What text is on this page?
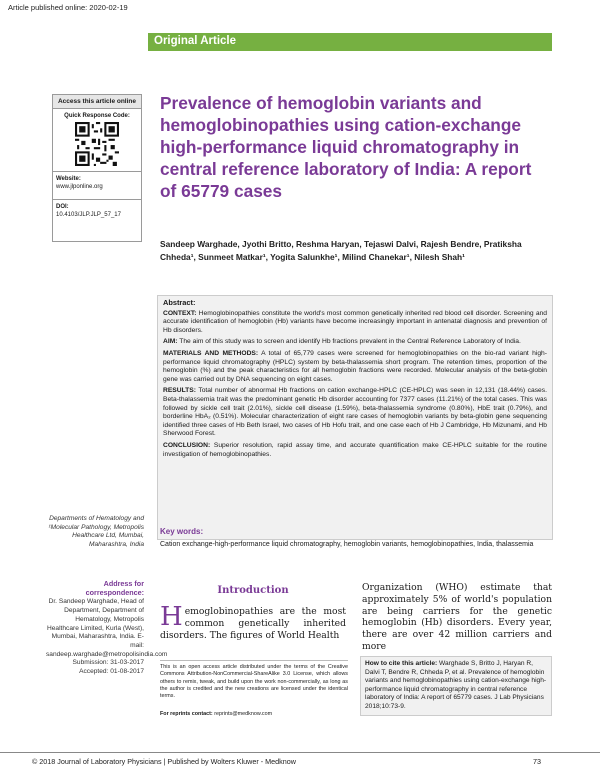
Article published online: 2020-02-19
Original Article
Access this article online
Quick Response Code:
Website:
www.jlponline.org
DOI:
10.4103/JLP.JLP_57_17
Prevalence of hemoglobin variants and hemoglobinopathies using cation-exchange high-performance liquid chromatography in central reference laboratory of India: A report of 65779 cases
Sandeep Warghade, Jyothi Britto, Reshma Haryan, Tejaswi Dalvi, Rajesh Bendre, Pratiksha Chheda¹, Sunmeet Matkar¹, Yogita Salunkhe¹, Milind Chanekar¹, Nilesh Shah¹
Abstract:

CONTEXT: Hemoglobinopathies constitute the world's most common genetically inherited red blood cell disorder. Screening and accurate identification of hemoglobin (Hb) variants have become increasingly important in antenatal diagnosis and prevention of Hb disorders.

AIM: The aim of this study was to screen and identify Hb fractions prevalent in the Central Reference Laboratory of India.

MATERIALS AND METHODS: A total of 65,779 cases were screened for hemoglobinopathies on the bio-rad variant high-performance liquid chromatography (HPLC) system by beta-thalassemia short program. The retention times, proportion of the hemoglobin (%) and the peak characteristics for all hemoglobin fractions were recorded. Molecular analysis of the beta-globin gene was carried out by DNA sequencing on eight cases.

RESULTS: Total number of abnormal Hb fractions on cation exchange-HPLC (CE-HPLC) was seen in 12,131 (18.44%) cases. Beta-thalassemia trait was the predominant genetic Hb disorder accounting for 7377 cases (11.21%) of the total cases. This was followed by sickle cell trait (2.01%), sickle cell disease (1.59%), beta-thalassemia syndrome (0.80%), HbE trait (0.79%), and borderline HbA₂ (0.51%). Molecular characterization of eight rare cases of hemoglobin variants by beta-globin gene sequencing identified three cases of Hb Beth Israel, two cases of Hb Hofu trait, and one case each of Hb J Cambridge, Hb Mizunami, and Hb Sherwood Forest.

CONCLUSION: Superior resolution, rapid assay time, and accurate quantification make CE-HPLC suitable for the routine investigation of hemoglobinopathies.

Key words:
Cation exchange-high-performance liquid chromatography, hemoglobin variants, hemoglobinopathies, India, thalassemia
Departments of Hematology and ¹Molecular Pathology, Metropolis Healthcare Ltd, Mumbai, Maharashtra, India
Address for correspondence:
Dr. Sandeep Warghade, Head of Department, Department of Hematology, Metropolis Healthcare Limited, Kurla (West), Mumbai, Maharashtra, India. E-mail: sandeep.warghade@metropolisindia.com
Submission: 31-03-2017
Accepted: 01-08-2017
Introduction
Hemoglobinopathies are the most common genetically inherited disorders. The figures of World Health
This is an open access article distributed under the terms of the Creative Commons Attribution-NonCommercial-ShareAlike 3.0 License, which allows others to remix, tweak, and build upon the work non-commercially, as long as the author is credited and the new creations are licensed under the identical terms.
For reprints contact: reprints@medknow.com
Organization (WHO) estimate that approximately 5% of world's population are being carriers for the genetic hemoglobin (Hb) disorders. Every year, there are over 42 million carriers and more
How to cite this article: Warghade S, Britto J, Haryan R, Dalvi T, Bendre R, Chheda P, et al. Prevalence of hemoglobin variants and hemoglobinopathies using cation-exchange high-performance liquid chromatography in central reference laboratory of India: A report of 65779 cases. J Lab Physicians 2018;10:73-9.
© 2018 Journal of Laboratory Physicians | Published by Wolters Kluwer - Medknow	73
